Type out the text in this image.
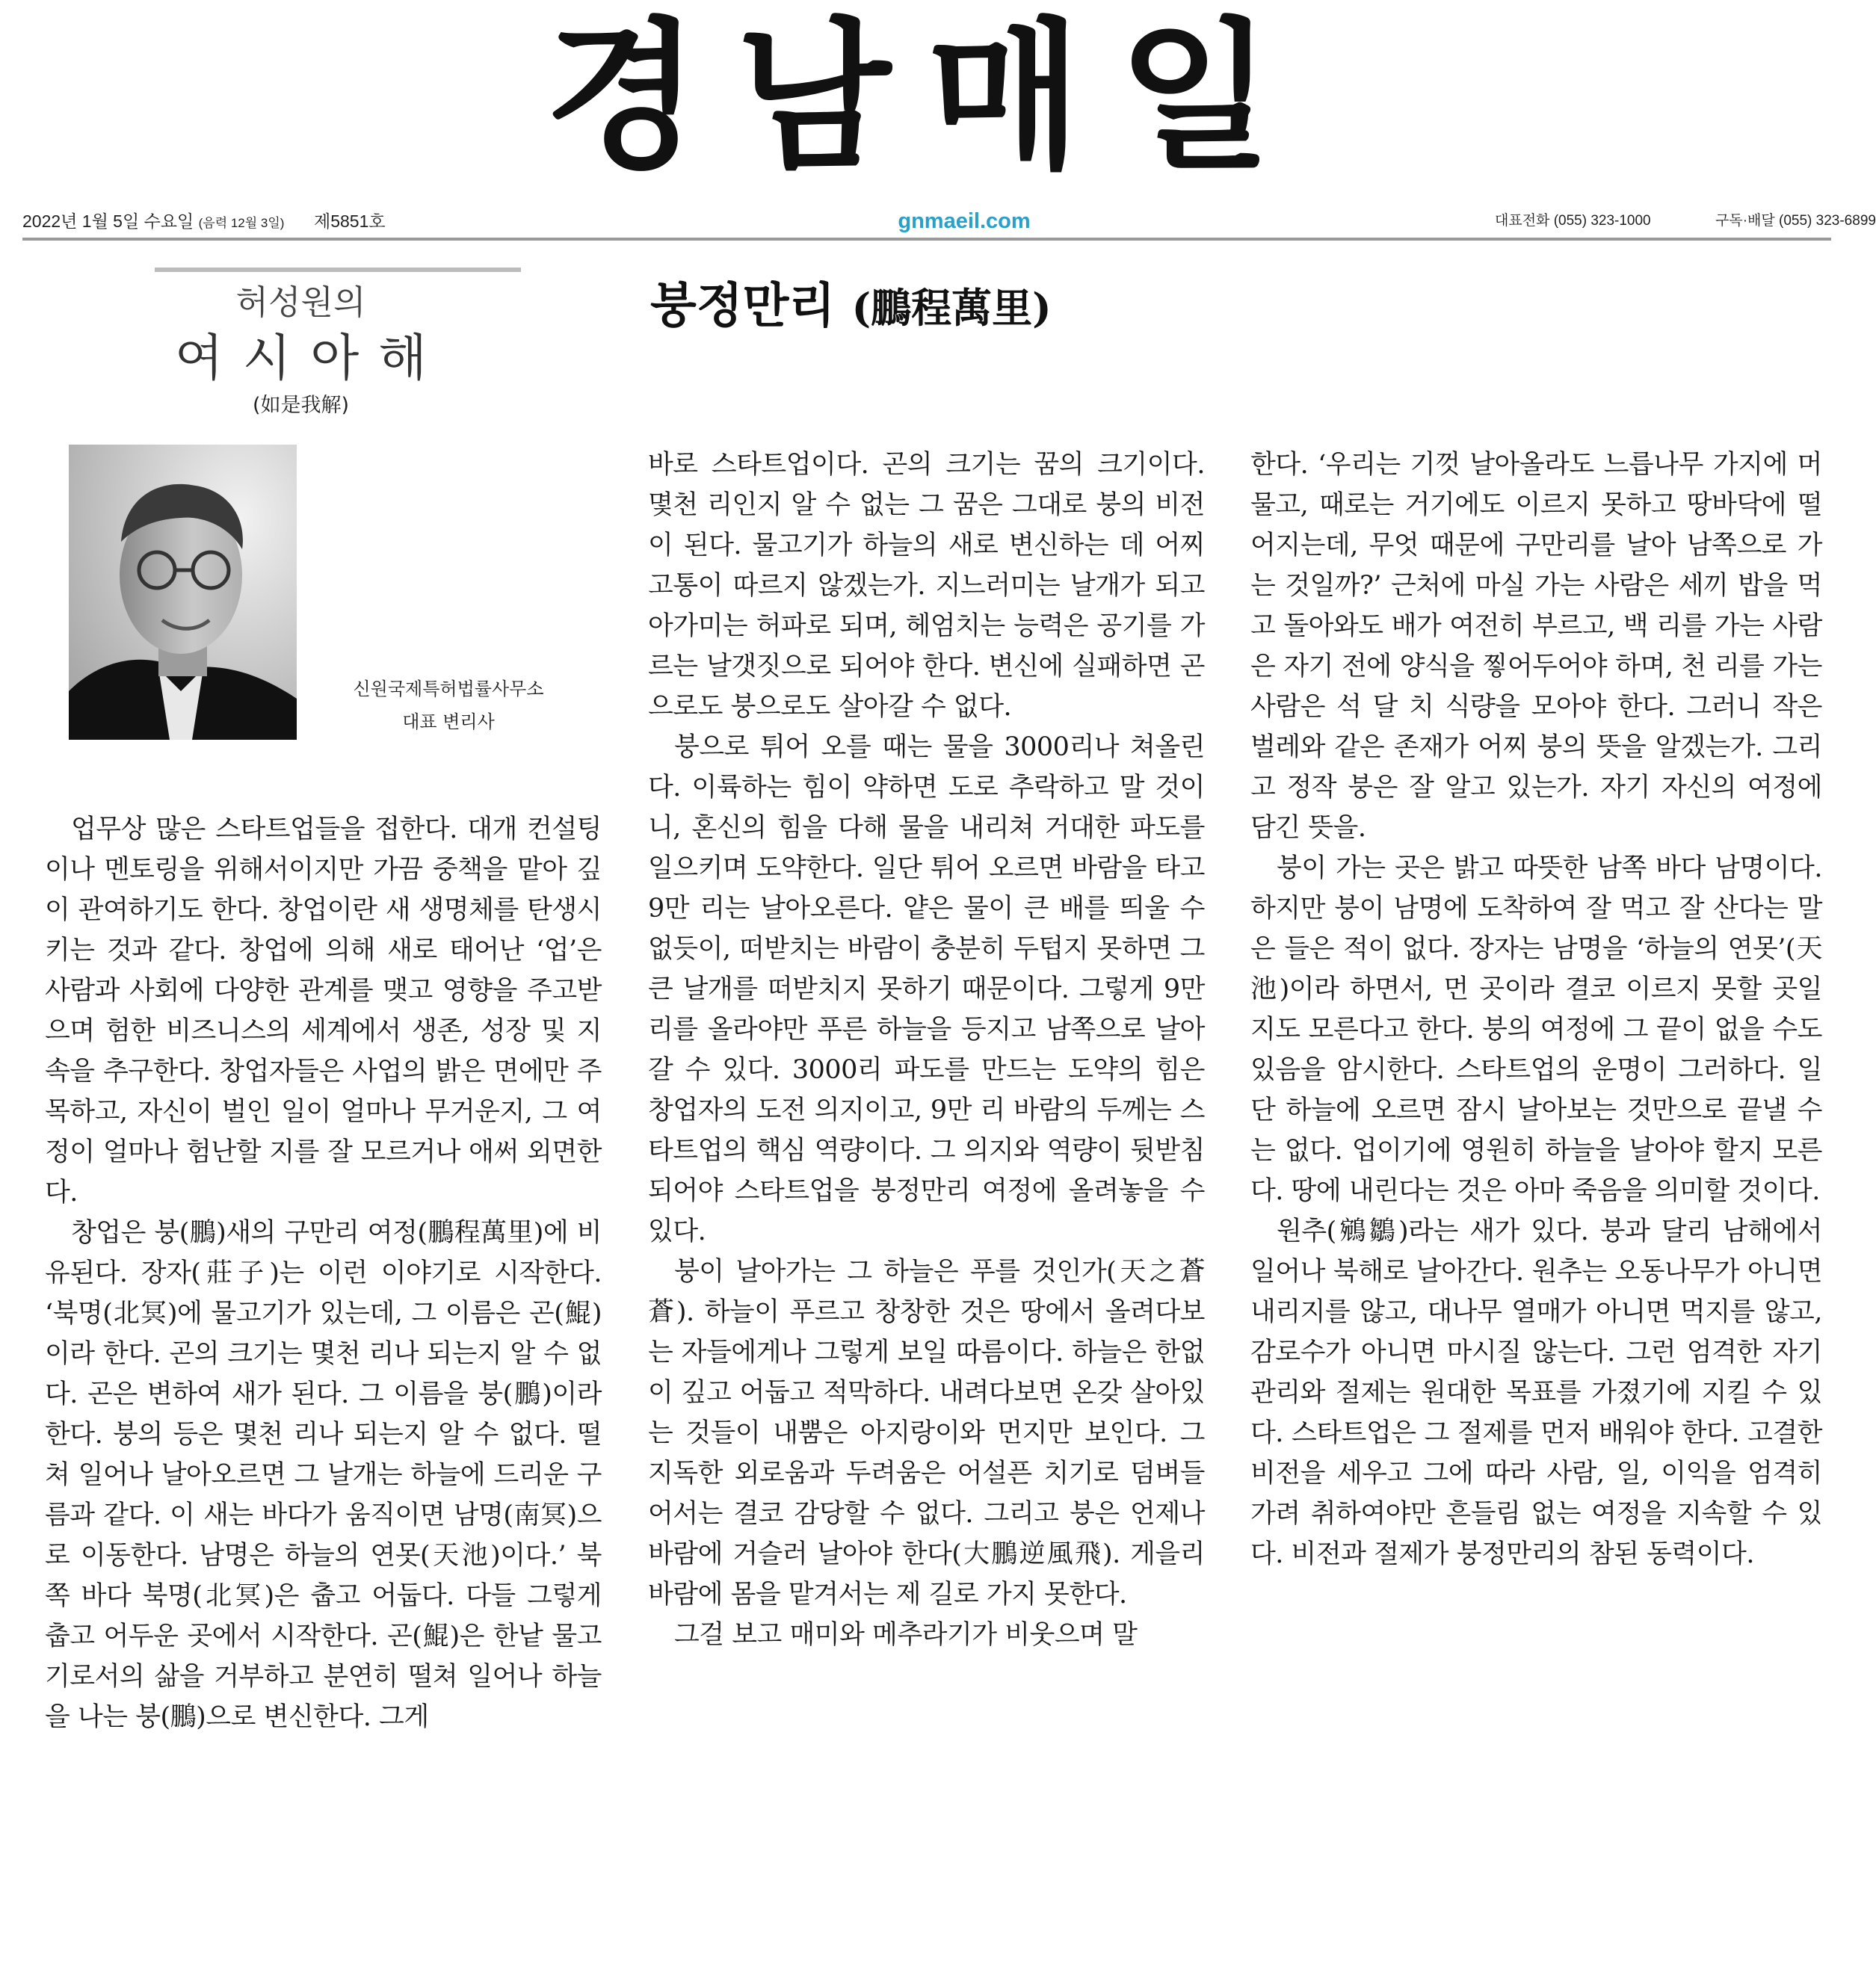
경남매일
2022년 1월 5일 수요일 (음력 12월 3일) 제5851호	gnmaeil.com	대표전화 (055) 323-1000	구독·배달 (055) 323-6899
허성원의
여시아해
(如是我解)
신원국제특허법률사무소
대표 변리사
붕정만리 (鵬程萬里)

업무상 많은 스타트업들을 접한다. 대개 컨설팅이나 멘토링을 위해서이지만 가끔 중책을 맡아 깊이 관여하기도 한다. 창업이란 새 생명체를 탄생시키는 것과 같다. 창업에 의해 새로 태어난 ‘업’은 사람과 사회에 다양한 관계를 맺고 영향을 주고받으며 험한 비즈니스의 세계에서 생존, 성장 및 지속을 추구한다. 창업자들은 사업의 밝은 면에만 주목하고, 자신이 벌인 일이 얼마나 무거운지, 그 여정이 얼마나 험난할 지를 잘 모르거나 애써 외면한다.

창업은 붕(鵬)새의 구만리 여정(鵬程萬里)에 비유된다. 장자(莊子)는 이런 이야기로 시작한다. ‘북명(北冥)에 물고기가 있는데, 그 이름은 곤(鯤)이라 한다. 곤의 크기는 몇천 리나 되는지 알 수 없다. 곤은 변하여 새가 된다. 그 이름을 붕(鵬)이라 한다. 붕의 등은 몇천 리나 되는지 알 수 없다. 떨쳐 일어나 날아오르면 그 날개는 하늘에 드리운 구름과 같다. 이 새는 바다가 움직이면 남명(南冥)으로 이동한다. 남명은 하늘의 연못(天池)이다.’ 북쪽 바다 북명(北冥)은 춥고 어둡다. 다들 그렇게 춥고 어두운 곳에서 시작한다. 곤(鯤)은 한낱 물고기로서의 삶을 거부하고 분연히 떨쳐 일어나 하늘을 나는 붕(鵬)으로 변신한다. 그게

바로 스타트업이다. 곤의 크기는 꿈의 크기이다. 몇천 리인지 알 수 없는 그 꿈은 그대로 붕의 비전이 된다. 물고기가 하늘의 새로 변신하는 데 어찌 고통이 따르지 않겠는가. 지느러미는 날개가 되고 아가미는 허파로 되며, 헤엄치는 능력은 공기를 가르는 날갯짓으로 되어야 한다. 변신에 실패하면 곤으로도 붕으로도 살아갈 수 없다.

붕으로 튀어 오를 때는 물을 3000리나 쳐올린다. 이륙하는 힘이 약하면 도로 추락하고 말 것이니, 혼신의 힘을 다해 물을 내리쳐 거대한 파도를 일으키며 도약한다. 일단 튀어 오르면 바람을 타고 9만 리는 날아오른다. 얕은 물이 큰 배를 띄울 수 없듯이, 떠받치는 바람이 충분히 두텁지 못하면 그 큰 날개를 떠받치지 못하기 때문이다. 그렇게 9만 리를 올라야만 푸른 하늘을 등지고 남쪽으로 날아갈 수 있다. 3000리 파도를 만드는 도약의 힘은 창업자의 도전 의지이고, 9만 리 바람의 두께는 스타트업의 핵심 역량이다. 그 의지와 역량이 뒷받침되어야 스타트업을 붕정만리 여정에 올려놓을 수 있다.

붕이 날아가는 그 하늘은 푸를 것인가(天之蒼蒼). 하늘이 푸르고 창창한 것은 땅에서 올려다보는 자들에게나 그렇게 보일 따름이다. 하늘은 한없이 깊고 어둡고 적막하다. 내려다보면 온갖 살아있는 것들이 내뿜은 아지랑이와 먼지만 보인다. 그 지독한 외로움과 두려움은 어설픈 치기로 덤벼들어서는 결코 감당할 수 없다. 그리고 붕은 언제나 바람에 거슬러 날아야 한다(大鵬逆風飛). 게을리 바람에 몸을 맡겨서는 제 길로 가지 못한다.

그걸 보고 매미와 메추라기가 비웃으며 말

한다. ‘우리는 기껏 날아올라도 느릅나무 가지에 머물고, 때로는 거기에도 이르지 못하고 땅바닥에 떨어지는데, 무엇 때문에 구만리를 날아 남쪽으로 가는 것일까?’ 근처에 마실 가는 사람은 세끼 밥을 먹고 돌아와도 배가 여전히 부르고, 백 리를 가는 사람은 자기 전에 양식을 찧어두어야 하며, 천 리를 가는 사람은 석 달 치 식량을 모아야 한다. 그러니 작은 벌레와 같은 존재가 어찌 붕의 뜻을 알겠는가. 그리고 정작 붕은 잘 알고 있는가. 자기 자신의 여정에 담긴 뜻을.

붕이 가는 곳은 밝고 따뜻한 남쪽 바다 남명이다. 하지만 붕이 남명에 도착하여 잘 먹고 잘 산다는 말은 들은 적이 없다. 장자는 남명을 ‘하늘의 연못’(天池)이라 하면서, 먼 곳이라 결코 이르지 못할 곳일지도 모른다고 한다. 붕의 여정에 그 끝이 없을 수도 있음을 암시한다. 스타트업의 운명이 그러하다. 일단 하늘에 오르면 잠시 날아보는 것만으로 끝낼 수는 없다. 업이기에 영원히 하늘을 날아야 할지 모른다. 땅에 내린다는 것은 아마 죽음을 의미할 것이다.

원추(鵷鶵)라는 새가 있다. 붕과 달리 남해에서 일어나 북해로 날아간다. 원추는 오동나무가 아니면 내리지를 않고, 대나무 열매가 아니면 먹지를 않고, 감로수가 아니면 마시질 않는다. 그런 엄격한 자기 관리와 절제는 원대한 목표를 가졌기에 지킬 수 있다. 스타트업은 그 절제를 먼저 배워야 한다. 고결한 비전을 세우고 그에 따라 사람, 일, 이익을 엄격히 가려 취하여야만 흔들림 없는 여정을 지속할 수 있다. 비전과 절제가 붕정만리의 참된 동력이다.
